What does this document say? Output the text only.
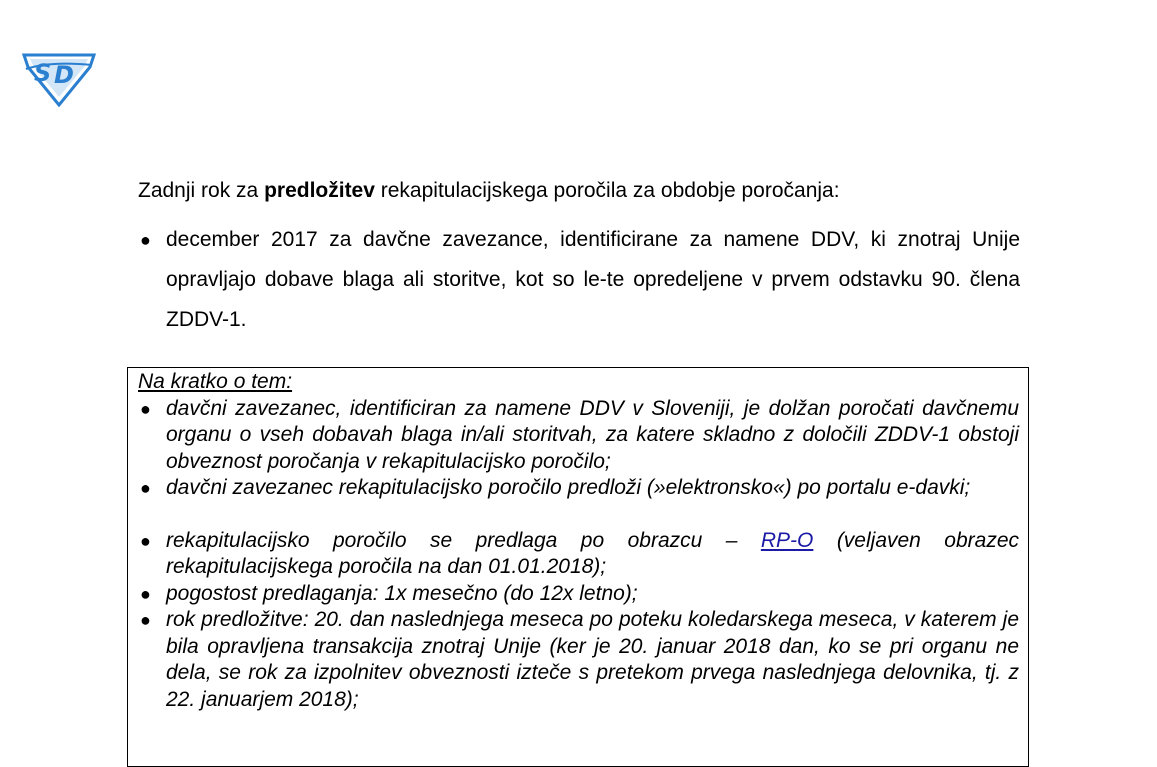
S D

Zadnji rok za predložitev rekapitulacijskega poročila za obdobje poročanja:

● december 2017 za davčne zavezance, identificirane za namene DDV, ki znotraj Unije opravljajo dobave blaga ali storitve, kot so le-te opredeljene v prvem odstavku 90. člena ZDDV-1.

Na kratko o tem:

● davčni zavezanec, identificiran za namene DDV v Sloveniji, je dolžan poročati davčnemu organu o vseh dobavah blaga in/ali storitvah, za katere skladno z določili ZDDV-1 obstoji obveznost poročanja v rekapitulacijsko poročilo;
● davčni zavezanec rekapitulacijsko poročilo predloži (»elektronsko«) po portalu e-davki;
● rekapitulacijsko poročilo se predlaga po obrazcu – RP-O (veljaven obrazec rekapitulacijskega poročila na dan 01.01.2018);
● pogostost predlaganja: 1x mesečno (do 12x letno);
● rok predložitve: 20. dan naslednjega meseca po poteku koledarskega meseca, v katerem je bila opravljena transakcija znotraj Unije (ker je 20. januar 2018 dan, ko se pri organu ne dela, se rok za izpolnitev obveznosti izteče s pretekom prvega naslednjega delovnika, tj. z 22. januarjem 2018);
